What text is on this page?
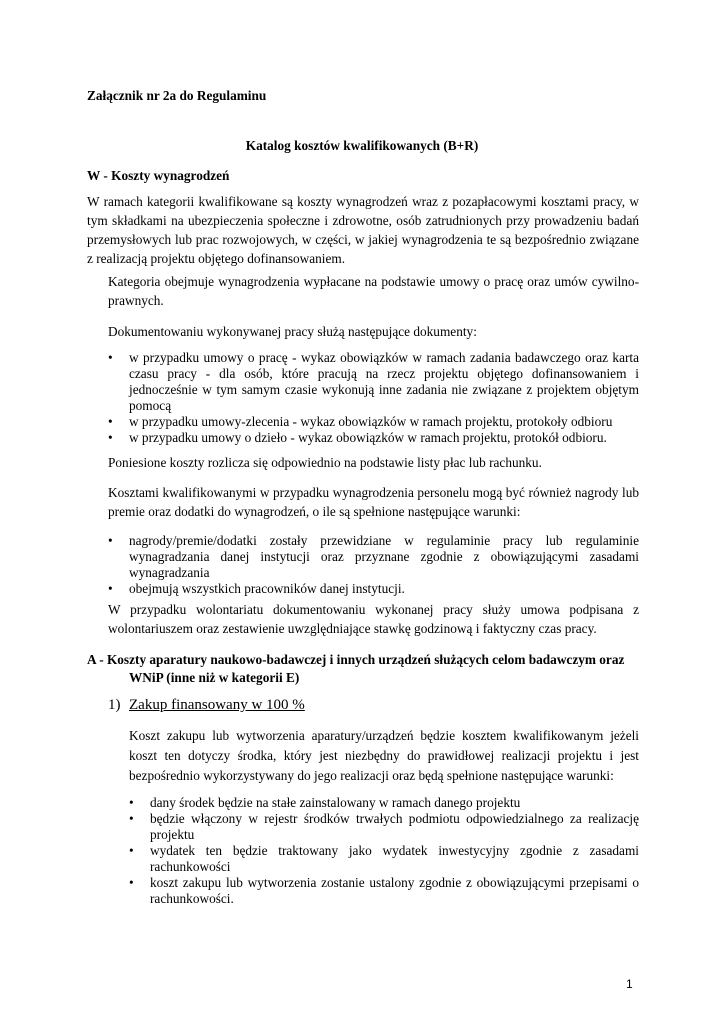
Załącznik nr 2a do Regulaminu
Katalog kosztów kwalifikowanych (B+R)
W - Koszty wynagrodzeń
W ramach kategorii kwalifikowane są koszty wynagrodzeń wraz z pozapłacowymi kosztami pracy, w tym składkami na ubezpieczenia społeczne i zdrowotne, osób zatrudnionych przy prowadzeniu badań przemysłowych lub prac rozwojowych, w części, w jakiej wynagrodzenia te są bezpośrednio związane z realizacją projektu objętego dofinansowaniem.
Kategoria obejmuje wynagrodzenia wypłacane na podstawie umowy o pracę oraz umów cywilno-prawnych.
Dokumentowaniu wykonywanej pracy służą następujące dokumenty:
• w przypadku umowy o pracę - wykaz obowiązków w ramach zadania badawczego oraz karta czasu pracy - dla osób, które pracują na rzecz projektu objętego dofinansowaniem i jednocześnie w tym samym czasie wykonują inne zadania nie związane z projektem objętym pomocą
• w przypadku umowy-zlecenia - wykaz obowiązków w ramach projektu, protokoły odbioru
• w przypadku umowy o dzieło - wykaz obowiązków w ramach projektu, protokół odbioru.
Poniesione koszty rozlicza się odpowiednio na podstawie listy płac lub rachunku.
Kosztami kwalifikowanymi w przypadku wynagrodzenia personelu mogą być również nagrody lub premie oraz dodatki do wynagrodzeń, o ile są spełnione następujące warunki:
• nagrody/premie/dodatki zostały przewidziane w regulaminie pracy lub regulaminie wynagradzania danej instytucji oraz przyznane zgodnie z obowiązującymi zasadami wynagradzania
• obejmują wszystkich pracowników danej instytucji.
W przypadku wolontariatu dokumentowaniu wykonanej pracy służy umowa podpisana z wolontariuszem oraz zestawienie uwzględniające stawkę godzinową i faktyczny czas pracy.
A - Koszty aparatury naukowo-badawczej i innych urządzeń służących celom badawczym oraz
WNiP (inne niż w kategorii E)
1) Zakup finansowany w 100 %
Koszt zakupu lub wytworzenia aparatury/urządzeń będzie kosztem kwalifikowanym jeżeli koszt ten dotyczy środka, który jest niezbędny do prawidłowej realizacji projektu i jest bezpośrednio wykorzystywany do jego realizacji oraz będą spełnione następujące warunki:
• dany środek będzie na stałe zainstalowany w ramach danego projektu
• będzie włączony w rejestr środków trwałych podmiotu odpowiedzialnego za realizację projektu
• wydatek ten będzie traktowany jako wydatek inwestycyjny zgodnie z zasadami rachunkowości
• koszt zakupu lub wytworzenia zostanie ustalony zgodnie z obowiązującymi przepisami o rachunkowości.
1
